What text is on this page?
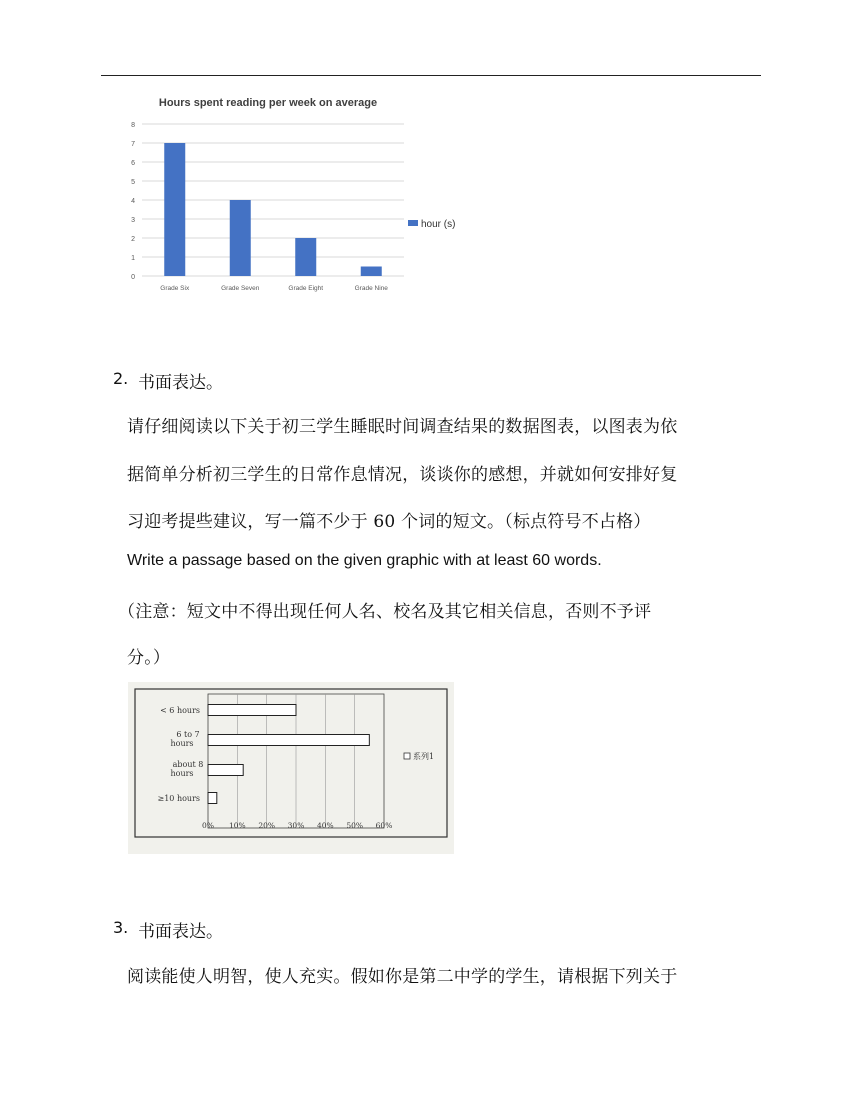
Hours spent reading per week on average
0
1
2
3
4
5
6
7
8
Grade Six	Grade Seven	Grade Eight	Grade Nine
hour (s)
2. 书面表达。
请仔细阅读以下关于初三学生睡眠时间调查结果的数据图表，以图表为依
据简单分析初三学生的日常作息情况，谈谈你的感想，并就如何安排好复
习迎考提些建议，写一篇不少于 60 个词的短文。（标点符号不占格）
Write a passage based on the given graphic with at least 60 words.
（注意：短文中不得出现任何人名、校名及其它相关信息，否则不予评
分。）
< 6 hours
6 to 7 hours
about 8 hours
≥10 hours
0% 10% 20% 30% 40% 50% 60%
系列1
3. 书面表达。
阅读能使人明智，使人充实。假如你是第二中学的学生，请根据下列关于
